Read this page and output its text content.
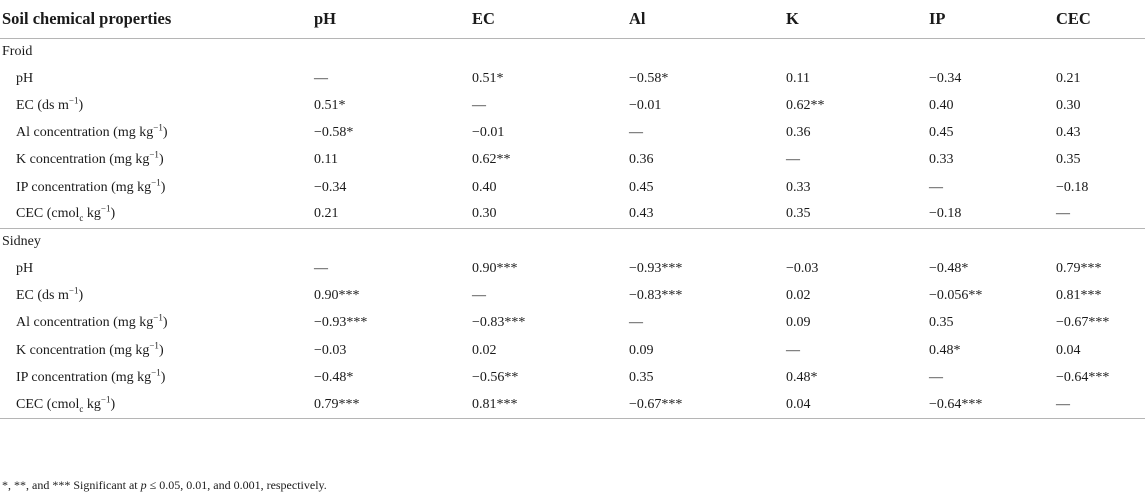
Soil chemical properties	pH	EC	Al	K	IP	CEC
Froid						
pH	—	0.51*	−0.58*	0.11	−0.34	0.21
EC (ds $m^{-1}$)	0.51*	—	−0.01	0.62**	0.40	0.30
Al concentration (mg $kg^{-1}$)	−0.58*	−0.01	—	0.36	0.45	0.43
K concentration (mg $kg^{-1}$)	0.11	0.62**	0.36	—	0.33	0.35
IP concentration (mg $kg^{-1}$)	−0.34	0.40	0.45	0.33	—	−0.18
CEC (cmol$_c$ $kg^{-1}$)	0.21	0.30	0.43	0.35	−0.18	—
Sidney						
pH	—	0.90***	−0.93***	−0.03	−0.48*	0.79***
EC (ds $m^{-1}$)	0.90***	—	−0.83***	0.02	−0.056**	0.81***
Al concentration (mg $kg^{-1}$)	−0.93***	−0.83***	—	0.09	0.35	−0.67***
K concentration (mg $kg^{-1}$)	−0.03	0.02	0.09	—	0.48*	0.04
IP concentration (mg $kg^{-1}$)	−0.48*	−0.56**	0.35	0.48*	—	−0.64***
CEC (cmol$_c$ $kg^{-1}$)	0.79***	0.81***	−0.67***	0.04	−0.64***	—
*, **, and *** Significant at p ≤ 0.05, 0.01, and 0.001, respectively.
